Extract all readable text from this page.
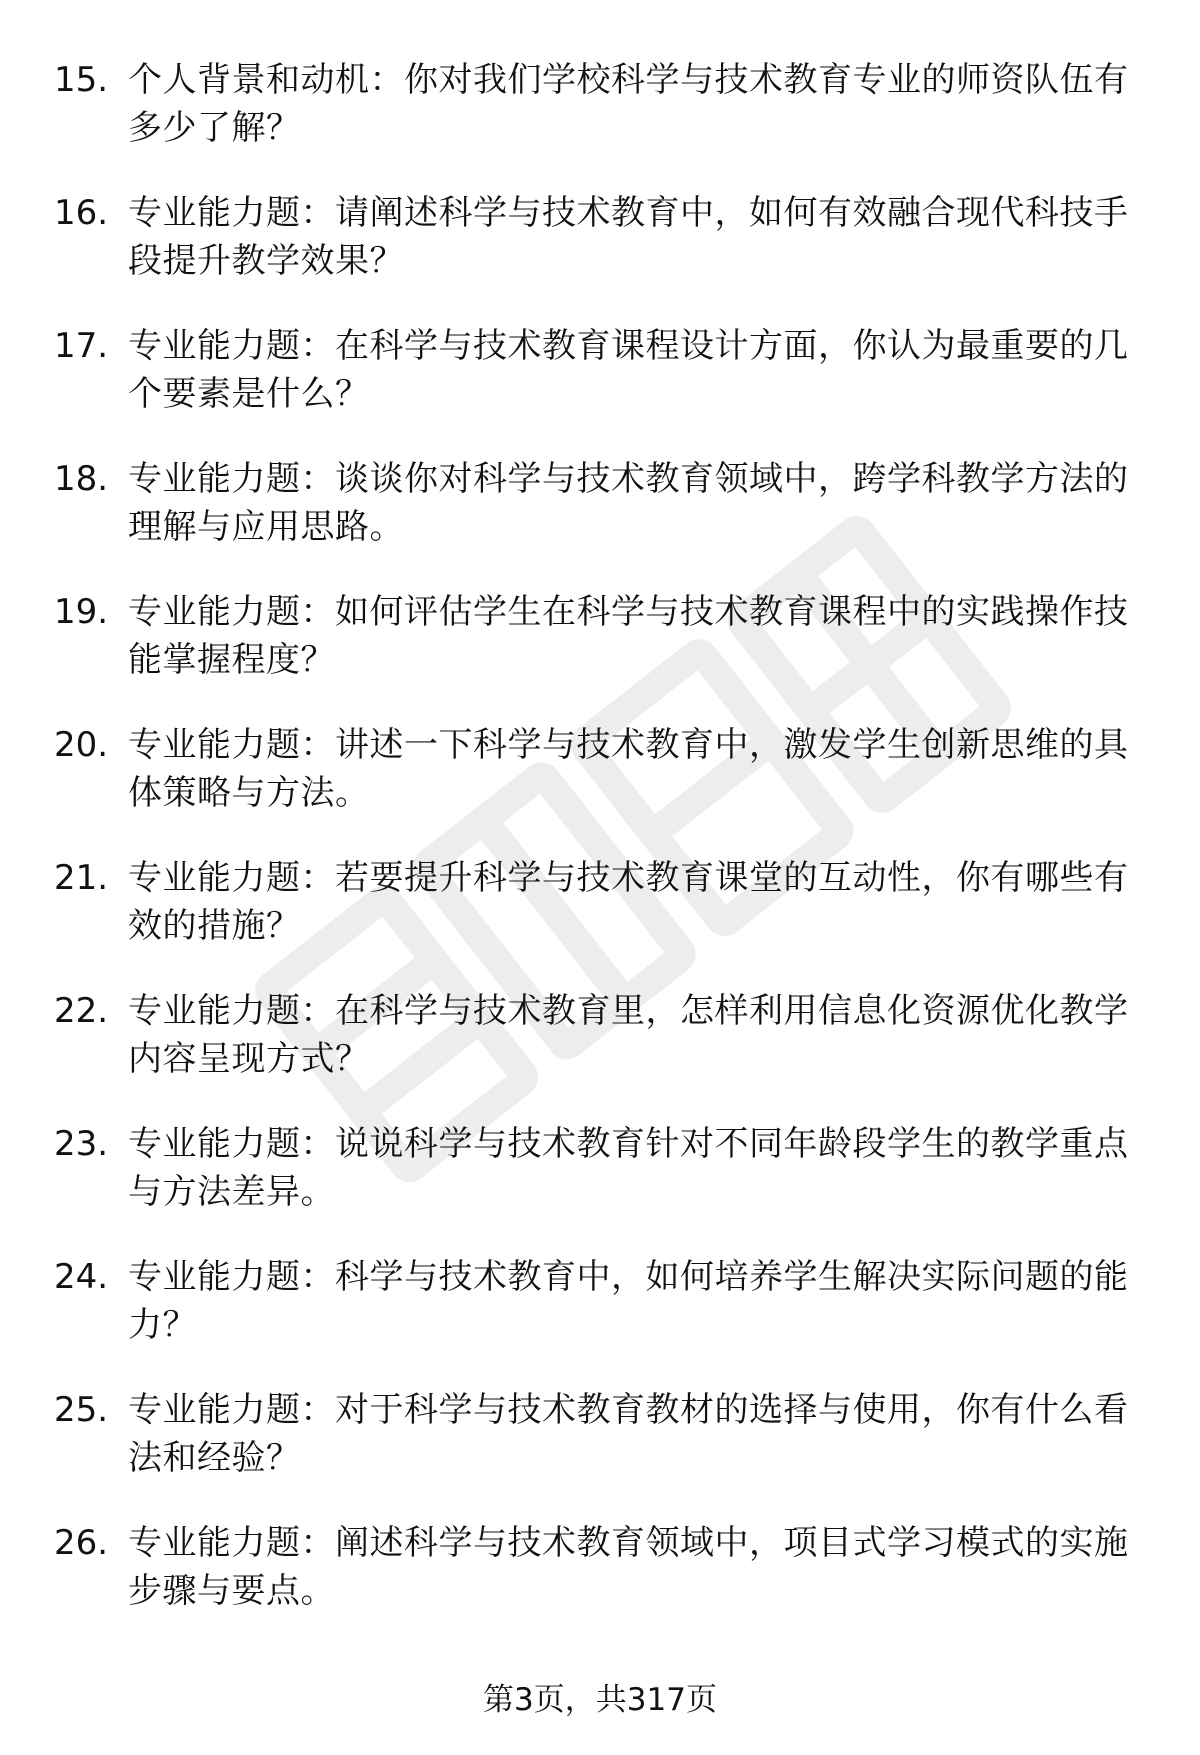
15. 个人背景和动机：你对我们学校科学与技术教育专业的师资队伍有多少了解？
16. 专业能力题：请阐述科学与技术教育中，如何有效融合现代科技手段提升教学效果？
17. 专业能力题：在科学与技术教育课程设计方面，你认为最重要的几个要素是什么？
18. 专业能力题：谈谈你对科学与技术教育领域中，跨学科教学方法的理解与应用思路。
19. 专业能力题：如何评估学生在科学与技术教育课程中的实践操作技能掌握程度？
20. 专业能力题：讲述一下科学与技术教育中，激发学生创新思维的具体策略与方法。
21. 专业能力题：若要提升科学与技术教育课堂的互动性，你有哪些有效的措施？
22. 专业能力题：在科学与技术教育里，怎样利用信息化资源优化教学内容呈现方式？
23. 专业能力题：说说科学与技术教育针对不同年龄段学生的教学重点与方法差异。
24. 专业能力题：科学与技术教育中，如何培养学生解决实际问题的能力？
25. 专业能力题：对于科学与技术教育教材的选择与使用，你有什么看法和经验？
26. 专业能力题：阐述科学与技术教育领域中，项目式学习模式的实施步骤与要点。
第3页，共317页
